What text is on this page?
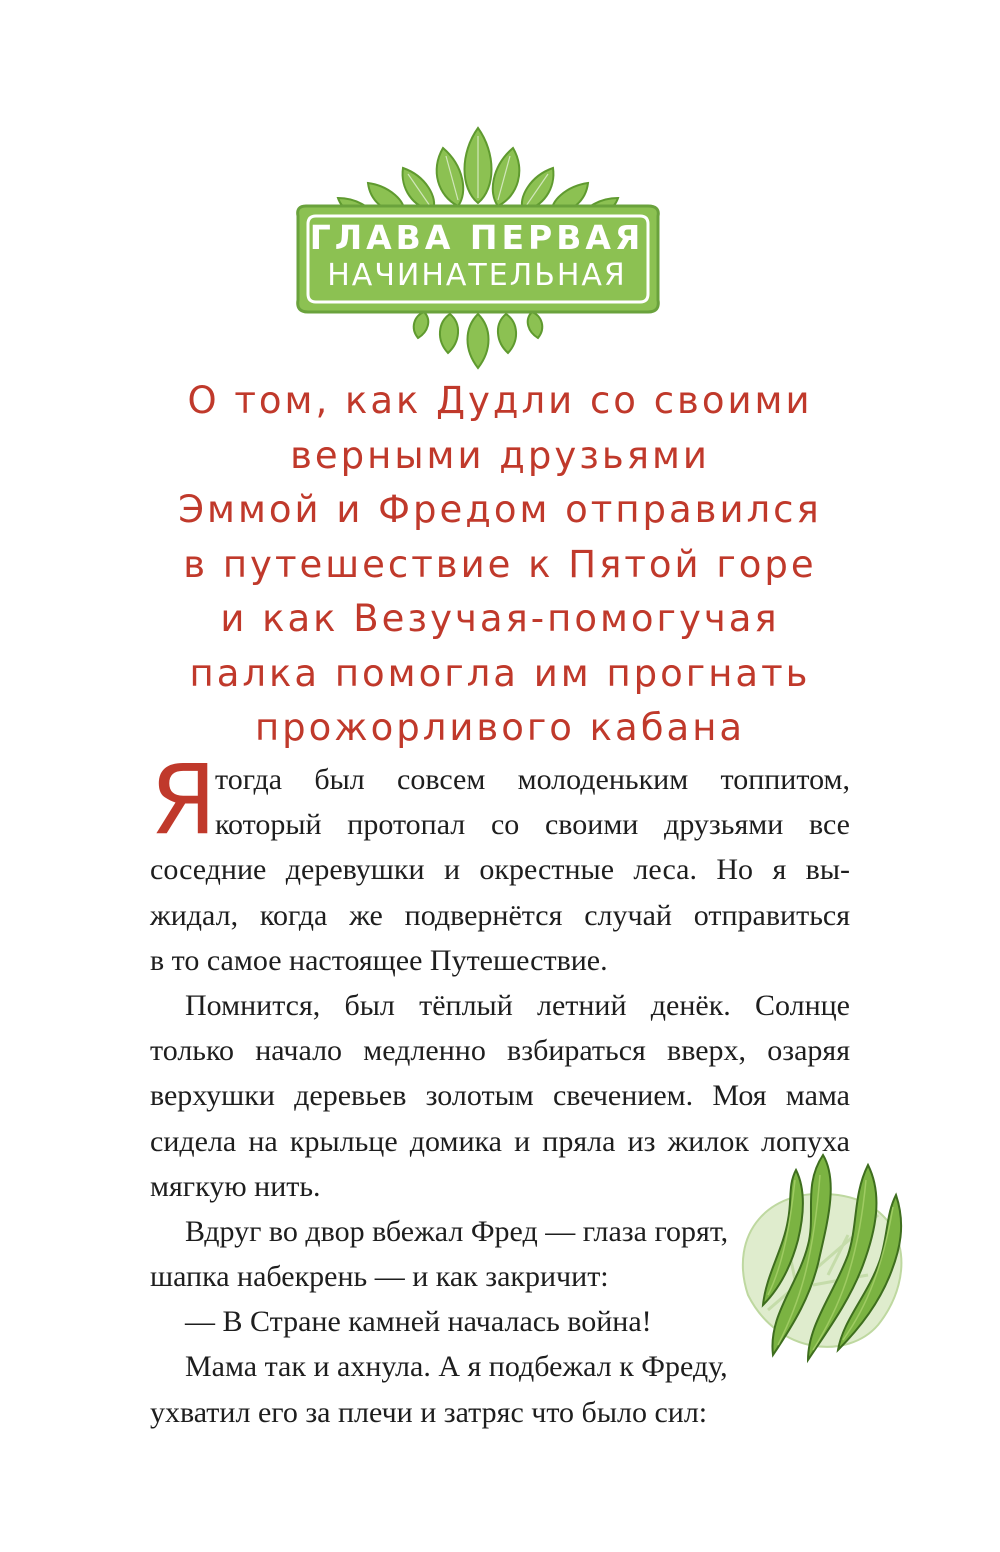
ГЛАВА ПЕРВАЯ
НАЧИНАТЕЛЬНАЯ
О том, как Дудли со своими
верными друзьями
Эммой и Фредом отправился
в путешествие к Пятой горе
и как Везучая-помогучая
палка помогла им прогнать
прожорливого кабана
Я
тогда был совсем молоденьким топпитом,
который протопал со своими друзьями все
соседние деревушки и окрестные леса. Но я вы-
жидал, когда же подвернётся случай отправиться
в то самое настоящее Путешествие.
Помнится, был тёплый летний денёк. Солнце
только начало медленно взбираться вверх, озаряя
верхушки деревьев золотым свечением. Моя мама
сидела на крыльце домика и пряла из жилок лопуха
мягкую нить.
Вдруг во двор вбежал Фред — глаза горят,
шапка набекрень — и как закричит:
— В Стране камней началась война!
Мама так и ахнула. А я подбежал к Фреду,
ухватил его за плечи и затряс что было сил:
